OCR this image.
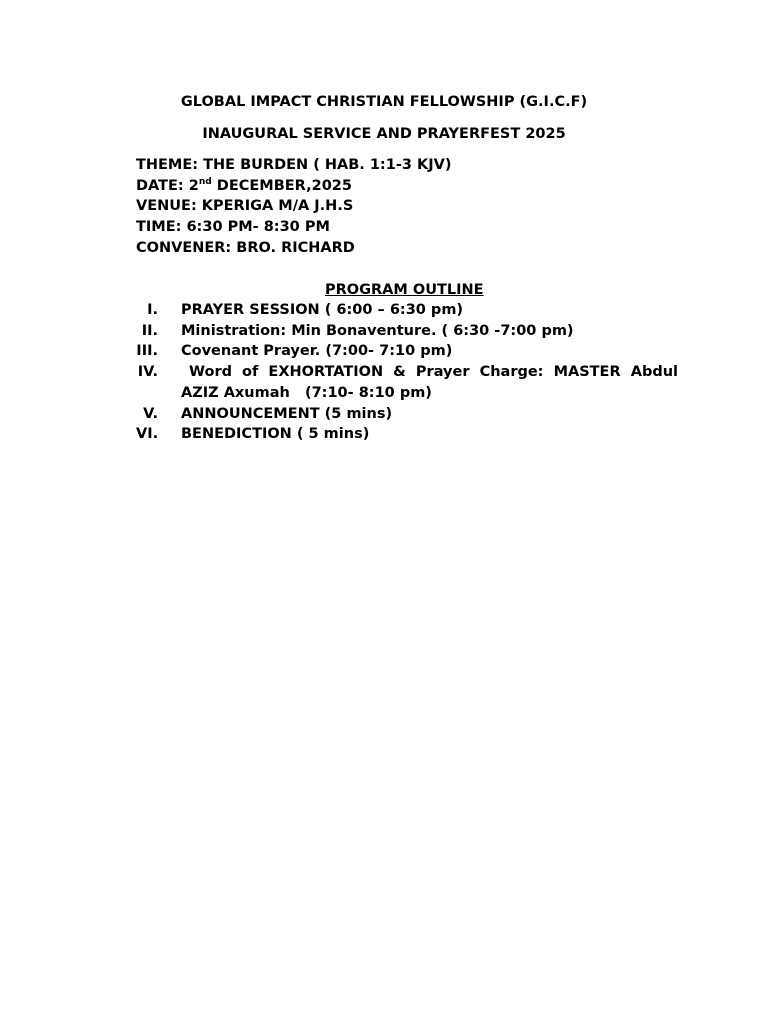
GLOBAL IMPACT CHRISTIAN FELLOWSHIP (G.I.C.F)
INAUGURAL SERVICE AND PRAYERFEST 2025
THEME: THE BURDEN ( HAB. 1:1-3 KJV)
DATE: 2nd DECEMBER,2025
VENUE: KPERIGA M/A J.H.S
TIME: 6:30 PM- 8:30 PM
CONVENER: BRO. RICHARD
PROGRAM OUTLINE
I. PRAYER SESSION ( 6:00 – 6:30 pm)
II. Ministration: Min Bonaventure. ( 6:30 -7:00 pm)
III. Covenant Prayer. (7:00- 7:10 pm)
IV.	Word of EXHORTATION & Prayer Charge: MASTER Abdul
AZIZ Axumah   (7:10- 8:10 pm)
V. ANNOUNCEMENT (5 mins)
VI. BENEDICTION ( 5 mins)
